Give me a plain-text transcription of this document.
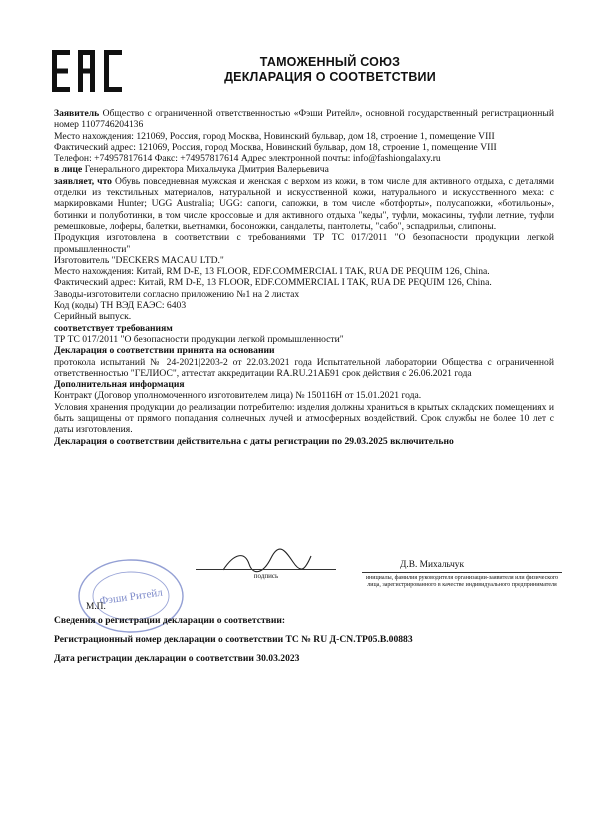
ТАМОЖЕННЫЙ СОЮЗ
ДЕКЛАРАЦИЯ О СООТВЕТСТВИИ

Заявитель Общество с ограниченной ответственностью «Фэши Ритейл», основной государственный регистрационный номер 1107746204136

Место нахождения: 121069, Россия, город Москва, Новинский бульвар, дом 18, строение 1, помещение VIII

Фактический адрес: 121069, Россия, город Москва, Новинский бульвар, дом 18, строение 1, помещение VIII

Телефон: +74957817614 Факс: +74957817614 Адрес электронной почты: info@fashiongalaxy.ru

в лице Генерального директора Михальчука Дмитрия Валерьевича

заявляет, что Обувь повседневная мужская и женская с верхом из кожи, в том числе для активного отдыха, с деталями отделки из текстильных материалов, натуральной и искусственной кожи, натурального и искусственного меха: с маркировками Hunter; UGG Australia; UGG: сапоги, сапожки, в том числе «ботфорты», полусапожки, «ботильоны», ботинки и полуботинки, в том числе кроссовые и для активного отдыха "кеды", туфли, мокасины, туфли летние, туфли ремешковые, лоферы, балетки, вьетнамки, босоножки, сандалеты, пантолеты, "сабо", эспадрильи, слипоны.

Продукция изготовлена в соответствии с требованиями ТР ТС 017/2011 "О безопасности продукции легкой промышленности"

Изготовитель "DECKERS MACAU LTD."

Место нахождения: Китай, RM D-E, 13 FLOOR, EDF.COMMERCIAL I TAK, RUA DE PEQUIM 126, China.

Фактический адрес: Китай, RM D-E, 13 FLOOR, EDF.COMMERCIAL I TAK, RUA DE PEQUIM 126, China.

Заводы-изготовители согласно приложению №1 на 2 листах

Код (коды) ТН ВЭД ЕАЭС: 6403

Серийный выпуск.

соответствует требованиям

ТР ТС 017/2011 "О безопасности продукции легкой промышленности"

Декларация о соответствии принята на основании

протокола испытаний № 24-2021|2203-2 от 22.03.2021 года Испытательной лаборатории Общества с ограниченной ответственностью "ГЕЛИОС", аттестат аккредитации RA.RU.21АБ91 срок действия с 26.06.2021 года

Дополнительная информация

Контракт (Договор уполномоченного изготовителем лица) № 150116Н от 15.01.2021 года.

Условия хранения продукции до реализации потребителю: изделия должны храниться в крытых складских помещениях и быть защищены от прямого попадания солнечных лучей и атмосферных воздействий. Срок службы не более 10 лет с даты изготовления.

Декларация о соответствии действительна с даты регистрации по 29.03.2025 включительно

Фэши Ритейл
подпись
Д.В. Михальчук
инициалы, фамилия руководителя организации-заявителя или физического лица, зарегистрированного в качестве индивидуального предпринимателя
М.П.

Сведения о регистрации декларации о соответствии:

Регистрационный номер декларации о соответствии ТС № RU Д-CN.ТР05.В.00883

Дата регистрации декларации о соответствии 30.03.2023
